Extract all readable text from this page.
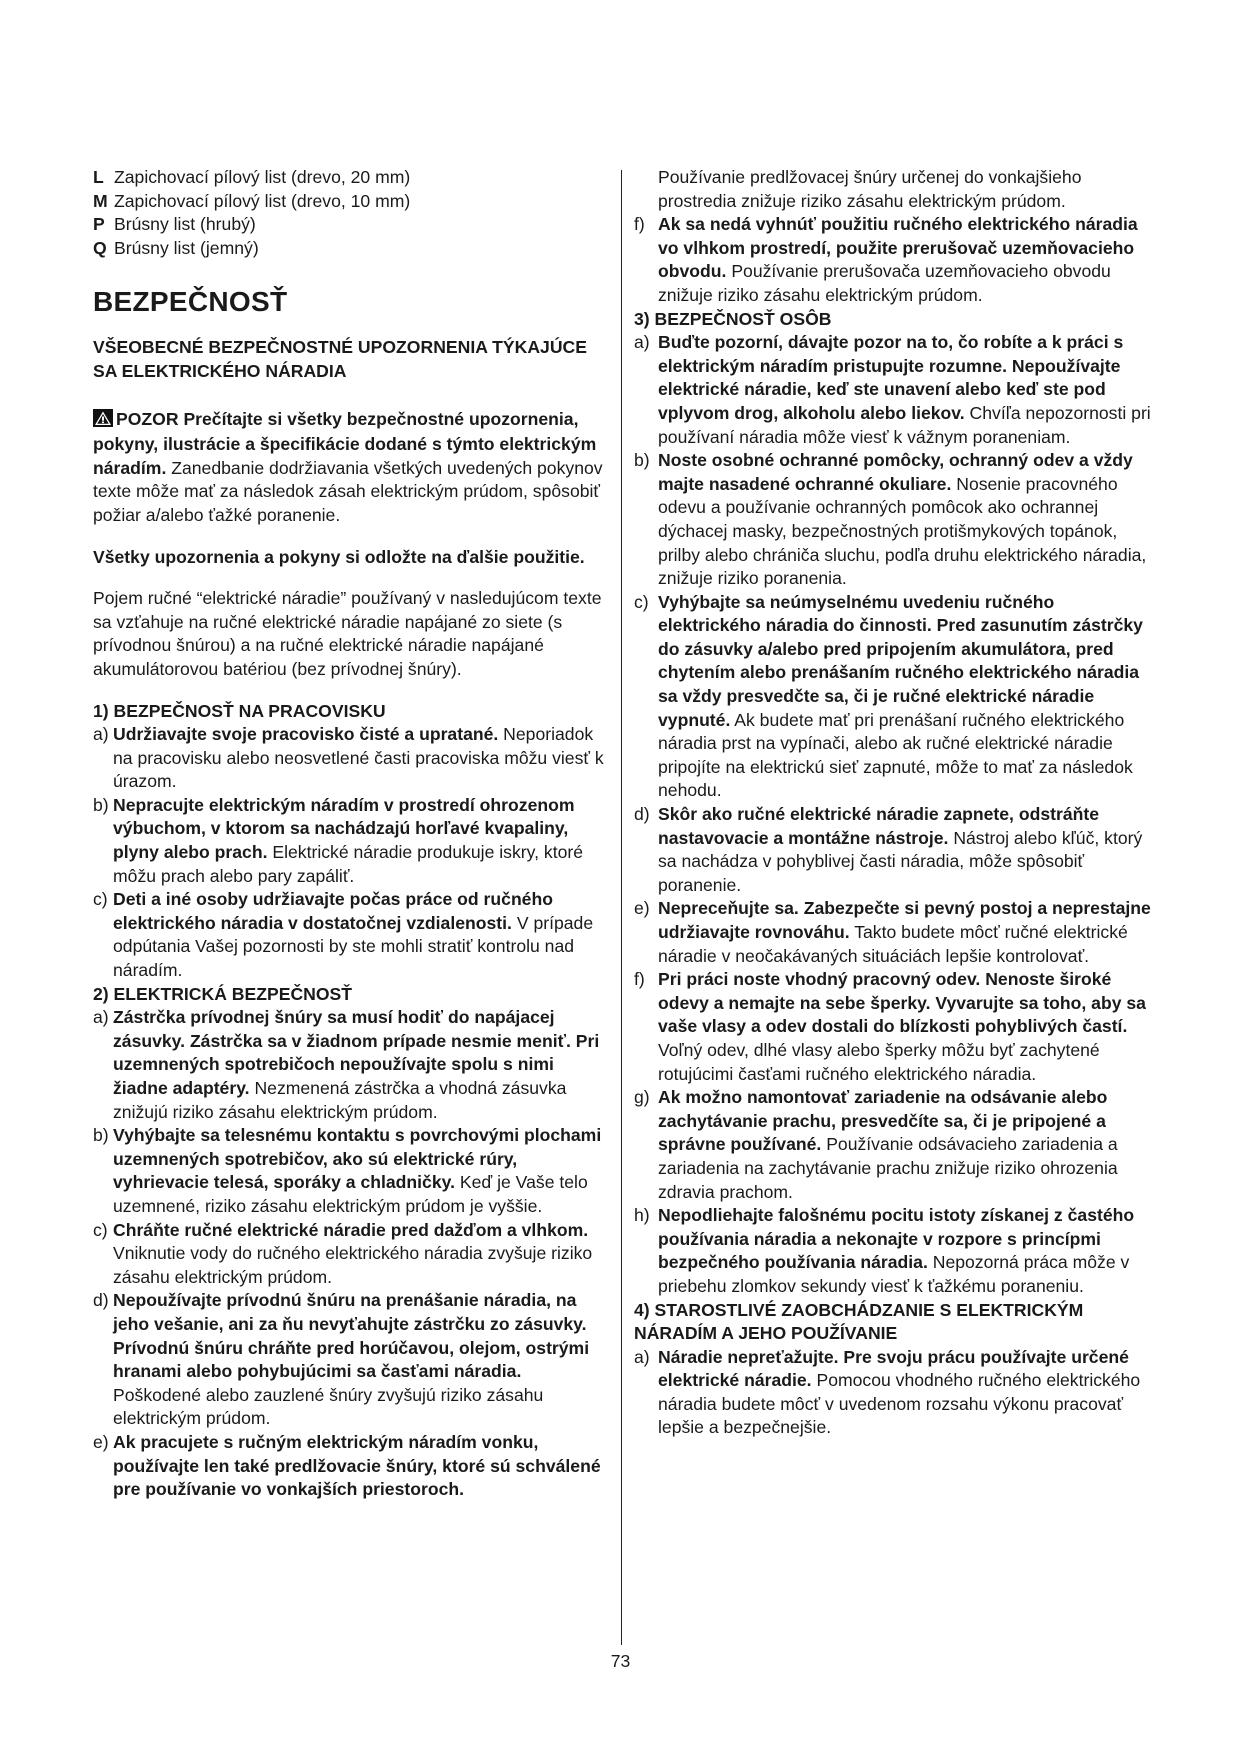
L Zapichovací pílový list (drevo, 20 mm)

M Zapichovací pílový list (drevo, 10 mm)

P Brúsny list (hrubý)

Q Brúsny list (jemný)

BEZPEČNOSŤ
VŠEOBECNÉ BEZPEČNOSTNÉ UPOZORNENIA TÝKAJÚCE SA ELEKTRICKÉHO NÁRADIA

POZOR Prečítajte si všetky bezpečnostné upozornenia, pokyny, ilustrácie a špecifikácie dodané s týmto elektrickým náradím. Zanedbanie dodržiavania všetkých uvedených pokynov texte môže mať za následok zásah elektrickým prúdom, spôsobiť požiar a/alebo ťažké poranenie.

Všetky upozornenia a pokyny si odložte na ďalšie použitie.

Pojem ručné “elektrické náradie” používaný v nasledujúcom texte sa vzťahuje na ručné elektrické náradie napájané zo siete (s prívodnou šnúrou) a na ručné elektrické náradie napájané akumulátorovou batériou (bez prívodnej šnúry).

1) BEZPEČNOSŤ NA PRACOVISKU

a) Udržiavajte svoje pracovisko čisté a upratané. Neporiadok na pracovisku alebo neosvetlené časti pracoviska môžu viesť k úrazom.
b) Nepracujte elektrickým náradím v prostredí ohrozenom výbuchom, v ktorom sa nachádzajú horľavé kvapaliny, plyny alebo prach. Elektrické náradie produkuje iskry, ktoré môžu prach alebo pary zapáliť.
c) Deti a iné osoby udržiavajte počas práce od ručného elektrického náradia v dostatočnej vzdialenosti. V prípade odpútania Vašej pozornosti by ste mohli stratiť kontrolu nad náradím.

2) ELEKTRICKÁ BEZPEČNOSŤ

a) Zástrčka prívodnej šnúry sa musí hodiť do napájacej zásuvky. Zástrčka sa v žiadnom prípade nesmie meniť. Pri uzemnených spotrebičoch nepoužívajte spolu s nimi žiadne adaptéry. Nezmenená zástrčka a vhodná zásuvka znižujú riziko zásahu elektrickým prúdom.
b) Vyhýbajte sa telesnému kontaktu s povrchovými plochami uzemnených spotrebičov, ako sú elektrické rúry, vyhrievacie telesá, sporáky a chladničky. Keď je Vaše telo uzemnené, riziko zásahu elektrickým prúdom je vyššie.
c) Chráňte ručné elektrické náradie pred dažďom a vlhkom. Vniknutie vody do ručného elektrického náradia zvyšuje riziko zásahu elektrickým prúdom.
d) Nepoužívajte prívodnú šnúru na prenášanie náradia, na jeho vešanie, ani za ňu nevyťahujte zástrčku zo zásuvky. Prívodnú šnúru chráňte pred horúčavou, olejom, ostrými hranami alebo pohybujúcimi sa časťami náradia. Poškodené alebo zauzlené šnúry zvyšujú riziko zásahu elektrickým prúdom.
e) Ak pracujete s ručným elektrickým náradím vonku, používajte len také predlžovacie šnúry, ktoré sú schválené pre používanie vo vonkajších priestoroch.
Používanie predlžovacej šnúry určenej do vonkajšieho prostredia znižuje riziko zásahu elektrickým prúdom.
f) Ak sa nedá vyhnúť použitiu ručného elektrického náradia vo vlhkom prostredí, použite prerušovač uzemňovacieho obvodu. Používanie prerušovača uzemňovacieho obvodu znižuje riziko zásahu elektrickým prúdom.

3) BEZPEČNOSŤ OSÔB

a) Buďte pozorní, dávajte pozor na to, čo robíte a k práci s elektrickým náradím pristupujte rozumne. Nepoužívajte elektrické náradie, keď ste unavení alebo keď ste pod vplyvom drog, alkoholu alebo liekov. Chvíľa nepozornosti pri používaní náradia môže viesť k vážnym poraneniam.
b) Noste osobné ochranné pomôcky, ochranný odev a vždy majte nasadené ochranné okuliare. Nosenie pracovného odevu a používanie ochranných pomôcok ako ochrannej dýchacej masky, bezpečnostných protišmykových topánok, prilby alebo chrániča sluchu, podľa druhu elektrického náradia, znižuje riziko poranenia.
c) Vyhýbajte sa neúmyselnému uvedeniu ručného elektrického náradia do činnosti. Pred zasunutím zástrčky do zásuvky a/alebo pred pripojením akumulátora, pred chytením alebo prenášaním ručného elektrického náradia sa vždy presvedčte sa, či je ručné elektrické náradie vypnuté. Ak budete mať pri prenášaní ručného elektrického náradia prst na vypínači, alebo ak ručné elektrické náradie pripojíte na elektrickú sieť zapnuté, môže to mať za následok nehodu.
d) Skôr ako ručné elektrické náradie zapnete, odstráňte nastavovacie a montážne nástroje. Nástroj alebo kľúč, ktorý sa nachádza v pohyblivej časti náradia, môže spôsobiť poranenie.
e) Nepreceňujte sa. Zabezpečte si pevný postoj a neprestajne udržiavajte rovnováhu. Takto budete môcť ručné elektrické náradie v neočakávaných situáciách lepšie kontrolovať.
f) Pri práci noste vhodný pracovný odev. Nenoste široké odevy a nemajte na sebe šperky. Vyvarujte sa toho, aby sa vaše vlasy a odev dostali do blízkosti pohyblivých častí. Voľný odev, dlhé vlasy alebo šperky môžu byť zachytené rotujúcimi časťami ručného elektrického náradia.
g) Ak možno namontovať zariadenie na odsávanie alebo zachytávanie prachu, presvedčíte sa, či je pripojené a správne používané. Používanie odsávacieho zariadenia a zariadenia na zachytávanie prachu znižuje riziko ohrozenia zdravia prachom.
h) Nepodliehajte falošnému pocitu istoty získanej z častého používania náradia a nekonajte v rozpore s princípmi bezpečného používania náradia. Nepozorná práca môže v priebehu zlomkov sekundy viesť k ťažkému poraneniu.

4) STAROSTLIVÉ ZAOBCHÁDZANIE S ELEKTRICKÝM NÁRADÍM A JEHO POUŽÍVANIE

a) Náradie nepreťažujte. Pre svoju prácu používajte určené elektrické náradie. Pomocou vhodného ručného elektrického náradia budete môcť v uvedenom rozsahu výkonu pracovať lepšie a bezpečnejšie.
73
